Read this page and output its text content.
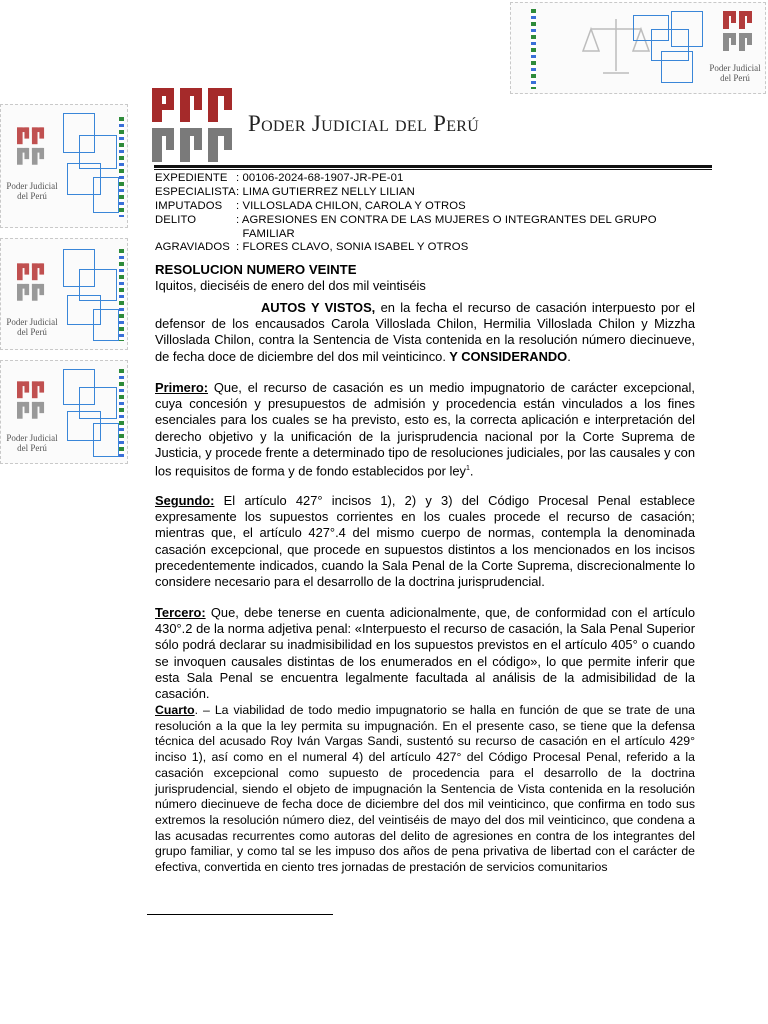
Poder Judicial
del Perú
Poder Judicial
del Perú
Poder Judicial
del Perú
Poder Judicial
del Perú
Poder Judicial del Perú
EXPEDIENTE : 00106-2024-68-1907-JR-PE-01
ESPECIALISTA: LIMA GUTIERREZ NELLY LILIAN
IMPUTADOS : VILLOSLADA CHILON, CAROLA Y OTROS
DELITO	: AGRESIONES EN CONTRA DE LAS MUJERES O INTEGRANTES DEL GRUPO
FAMILIAR
AGRAVIADOS : FLORES CLAVO, SONIA ISABEL Y OTROS
RESOLUCION NUMERO VEINTE
Iquitos, dieciséis de enero del dos mil veintiséis
AUTOS Y VISTOS, en la fecha el recurso de casación interpuesto por el defensor de los encausados Carola Villoslada Chilon, Hermilia Villoslada Chilon y Mizzha Villoslada Chilon, contra la Sentencia de Vista contenida en la resolución número diecinueve, de fecha doce de diciembre del dos mil veinticinco. Y CONSIDERANDO.
Primero: Que, el recurso de casación es un medio impugnatorio de carácter excepcional, cuya concesión y presupuestos de admisión y procedencia están vinculados a los fines esenciales para los cuales se ha previsto, esto es, la correcta aplicación e interpretación del derecho objetivo y la unificación de la jurisprudencia nacional por la Corte Suprema de Justicia, y procede frente a determinado tipo de resoluciones judiciales, por las causales y con los requisitos de forma y de fondo establecidos por ley$^1$.
Segundo: El artículo 427° incisos 1), 2) y 3) del Código Procesal Penal establece expresamente los supuestos corrientes en los cuales procede el recurso de casación; mientras que, el artículo 427°.4 del mismo cuerpo de normas, contempla la denominada casación excepcional, que procede en supuestos distintos a los mencionados en los incisos precedentemente indicados, cuando la Sala Penal de la Corte Suprema, discrecionalmente lo considere necesario para el desarrollo de la doctrina jurisprudencial.
Tercero: Que, debe tenerse en cuenta adicionalmente, que, de conformidad con el artículo 430°.2 de la norma adjetiva penal: «Interpuesto el recurso de casación, la Sala Penal Superior sólo podrá declarar su inadmisibilidad en los supuestos previstos en el artículo 405° o cuando se invoquen causales distintas de los enumerados en el código», lo que permite inferir que esta Sala Penal se encuentra legalmente facultada al análisis de la admisibilidad de la casación.
Cuarto. – La viabilidad de todo medio impugnatorio se halla en función de que se trate de una resolución a la que la ley permita su impugnación. En el presente caso, se tiene que la defensa técnica del acusado Roy Iván Vargas Sandi, sustentó su recurso de casación en el artículo 429° inciso 1), así como en el numeral 4) del artículo 427° del Código Procesal Penal, referido a la casación excepcional como supuesto de procedencia para el desarrollo de la doctrina jurisprudencial, siendo el objeto de impugnación la Sentencia de Vista contenida en la resolución número diecinueve de fecha doce de diciembre del dos mil veinticinco, que confirma en todo sus extremos la resolución número diez, del veintiséis de mayo del dos mil veinticinco, que condena a las acusadas recurrentes como autoras del delito de agresiones en contra de los integrantes del grupo familiar, y como tal se les impuso dos años de pena privativa de libertad con el carácter de efectiva, convertida en ciento tres jornadas de prestación de servicios comunitarios
